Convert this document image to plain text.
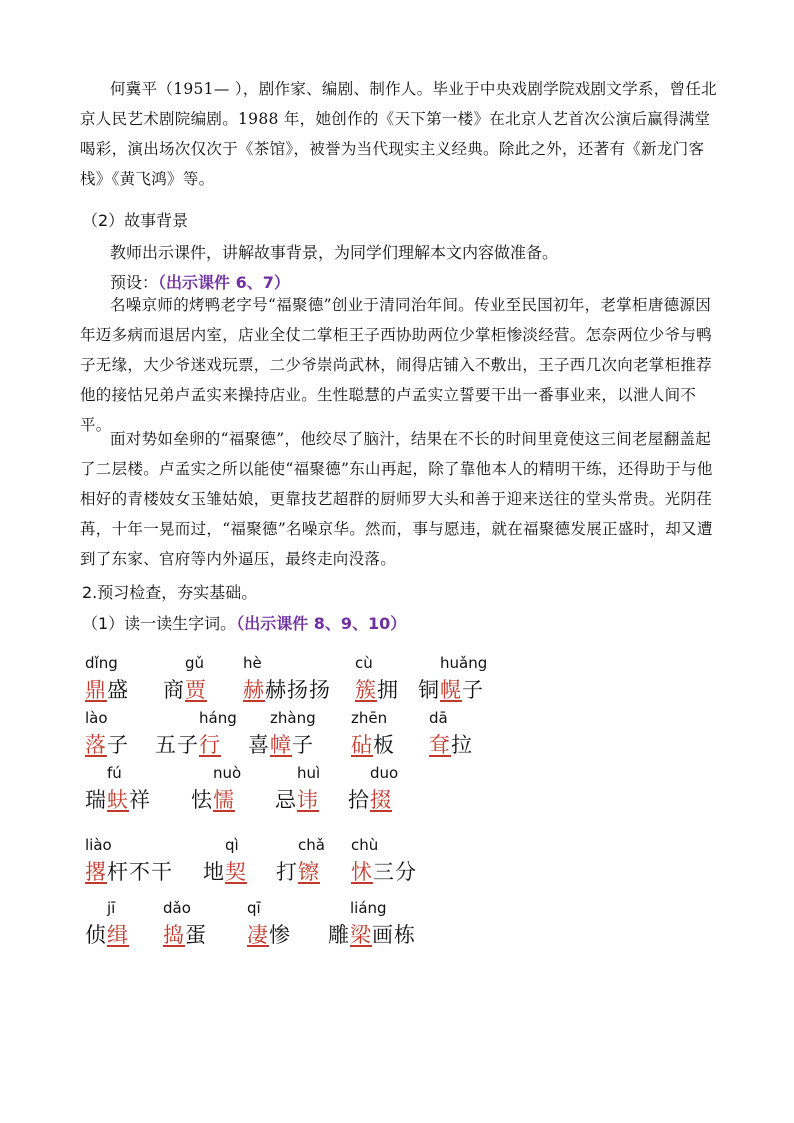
何冀平（1951— ），剧作家、编剧、制作人。毕业于中央戏剧学院戏剧文学系，曾任北京人民艺术剧院编剧。1988 年，她创作的《天下第一楼》在北京人艺首次公演后赢得满堂喝彩，演出场次仅次于《茶馆》，被誉为当代现实主义经典。除此之外，还著有《新龙门客栈》《黄飞鸿》等。

（2）故事背景

教师出示课件，讲解故事背景，为同学们理解本文内容做准备。

预设：（出示课件 6、7）

名噪京师的烤鸭老字号“福聚德”创业于清同治年间。传业至民国初年，老掌柜唐德源因年迈多病而退居内室，店业全仗二掌柜王子西协助两位少掌柜惨淡经营。怎奈两位少爷与鸭子无缘，大少爷迷戏玩票，二少爷崇尚武林，闹得店铺入不敷出，王子西几次向老掌柜推荐他的接怙兄弟卢孟实来操持店业。生性聪慧的卢孟实立誓要干出一番事业来，以泄人间不平。

面对势如垒卵的“福聚德”，他绞尽了脑汁，结果在不长的时间里竟使这三间老屋翻盖起了二层楼。卢孟实之所以能使“福聚德”东山再起，除了靠他本人的精明干练，还得助于与他相好的青楼妓女玉雏姑娘，更靠技艺超群的厨师罗大头和善于迎来送往的堂头常贵。光阴荏苒，十年一晃而过，“福聚德”名噪京华。然而，事与愿违，就在福聚德发展正盛时，却又遭到了东家、官府等内外逼压，最终走向没落。

2.预习检查，夯实基础。

（1）读一读生字词。（出示课件 8、9、10）

dǐng
鼎盛
gǔ
商贾
hè
赫赫扬扬
cù
簇拥
huǎng
铜幌子
lào
落子
háng
五子行
zhàng
喜幛子
zhēn
砧板
dā
耷拉
fú
瑞蚨祥
nuò
怯懦
huì
忌讳
duo
拾掇
liào
撂杆不干
qì
地契
chǎ
打镲
chù
怵三分
jī
侦缉
dǎo
捣蛋
qī
凄惨
liáng
雕梁画栋
